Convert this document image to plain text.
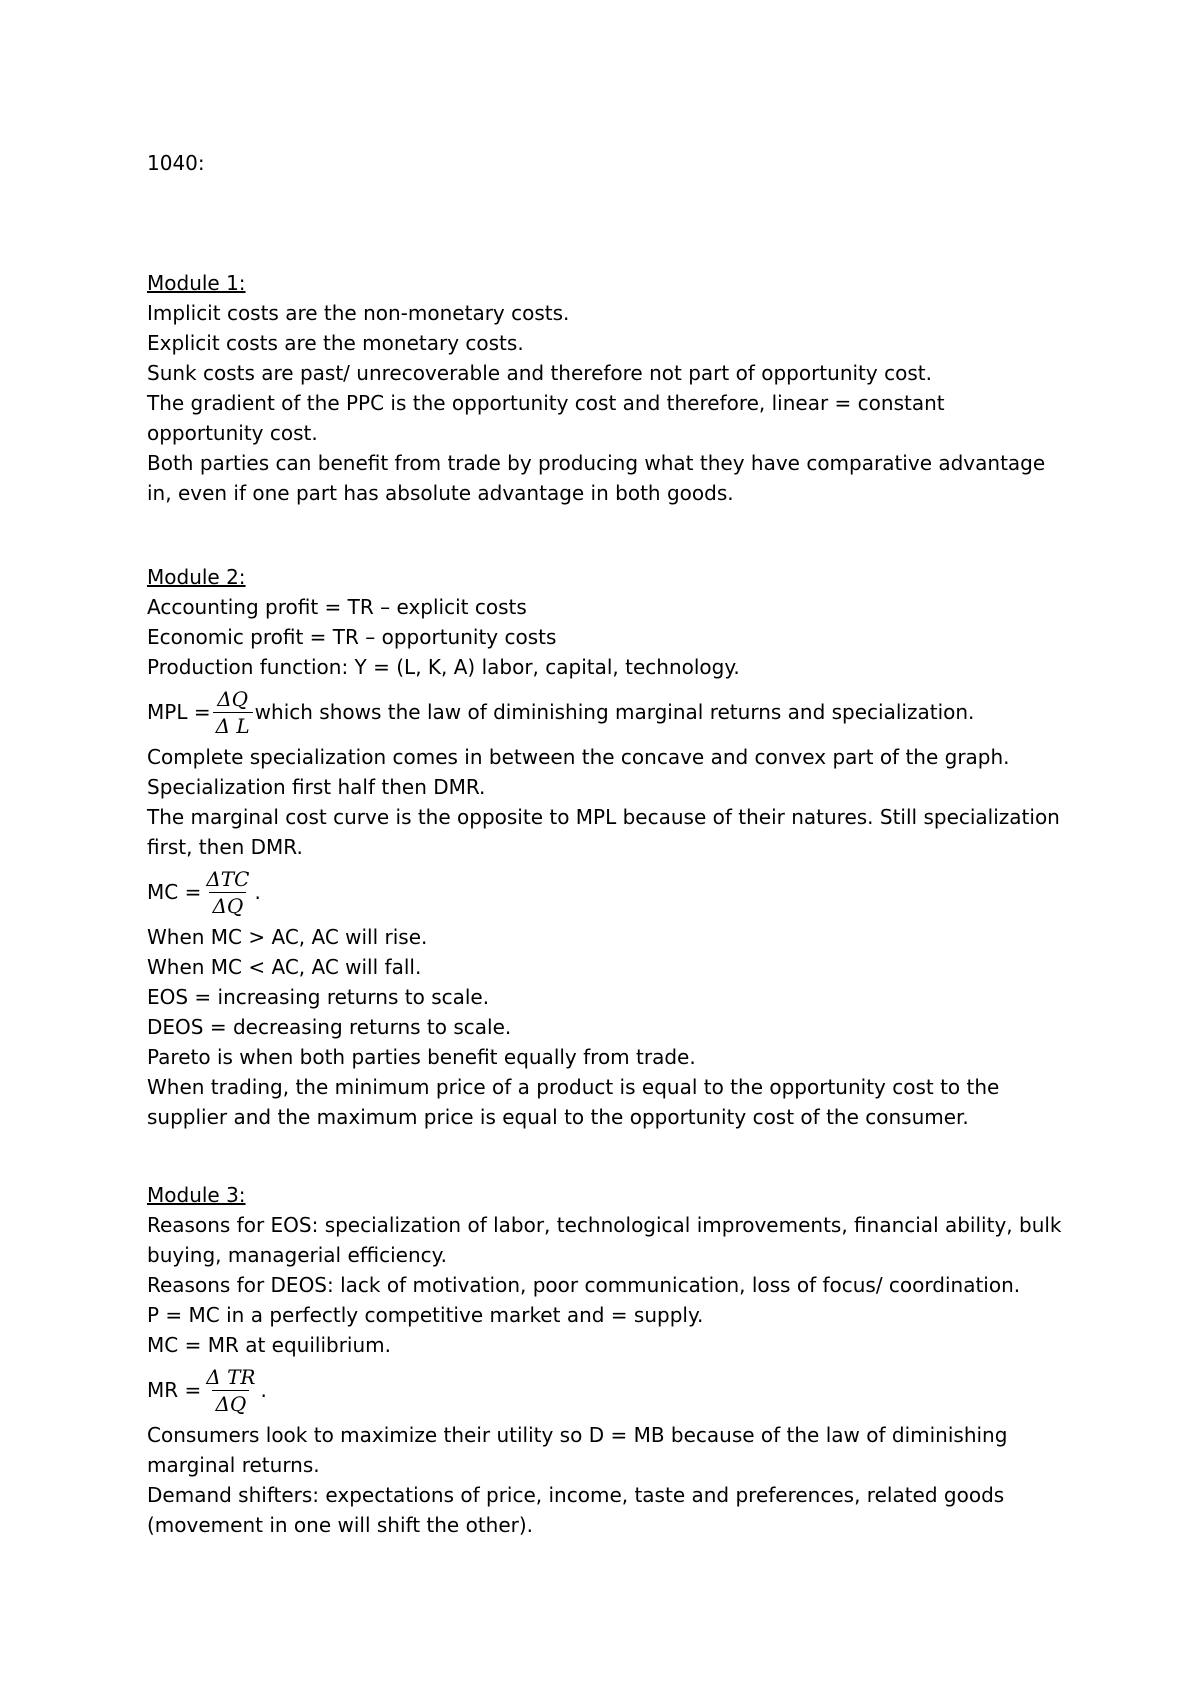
1040:

Module 1:

Implicit costs are the non-monetary costs.

Explicit costs are the monetary costs.

Sunk costs are past/ unrecoverable and therefore not part of opportunity cost.

The gradient of the PPC is the opportunity cost and therefore, linear = constant opportunity cost.

Both parties can benefit from trade by producing what they have comparative advantage in, even if one part has absolute advantage in both goods.

Module 2:

Accounting profit = TR – explicit costs

Economic profit = TR – opportunity costs

Production function: Y = (L, K, A) labor, capital, technology.

MPL = $\frac{\Delta Q}{\text{Δ L}}$ which shows the law of diminishing marginal returns and specialization.

Complete specialization comes in between the concave and convex part of the graph.

Specialization first half then DMR.

The marginal cost curve is the opposite to MPL because of their natures. Still specialization first, then DMR.

MC = $\frac{\text{ΔTC}}{\Delta Q}$ .

When MC > AC, AC will rise.

When MC < AC, AC will fall.

EOS = increasing returns to scale.

DEOS = decreasing returns to scale.

Pareto is when both parties benefit equally from trade.

When trading, the minimum price of a product is equal to the opportunity cost to the supplier and the maximum price is equal to the opportunity cost of the consumer.

Module 3:

Reasons for EOS: specialization of labor, technological improvements, financial ability, bulk buying, managerial efficiency.

Reasons for DEOS: lack of motivation, poor communication, loss of focus/ coordination.

P = MC in a perfectly competitive market and = supply.

MC = MR at equilibrium.

MR = $\frac{\text{Δ TR}}{\Delta Q}$ .

Consumers look to maximize their utility so D = MB because of the law of diminishing marginal returns.

Demand shifters: expectations of price, income, taste and preferences, related goods (movement in one will shift the other).
